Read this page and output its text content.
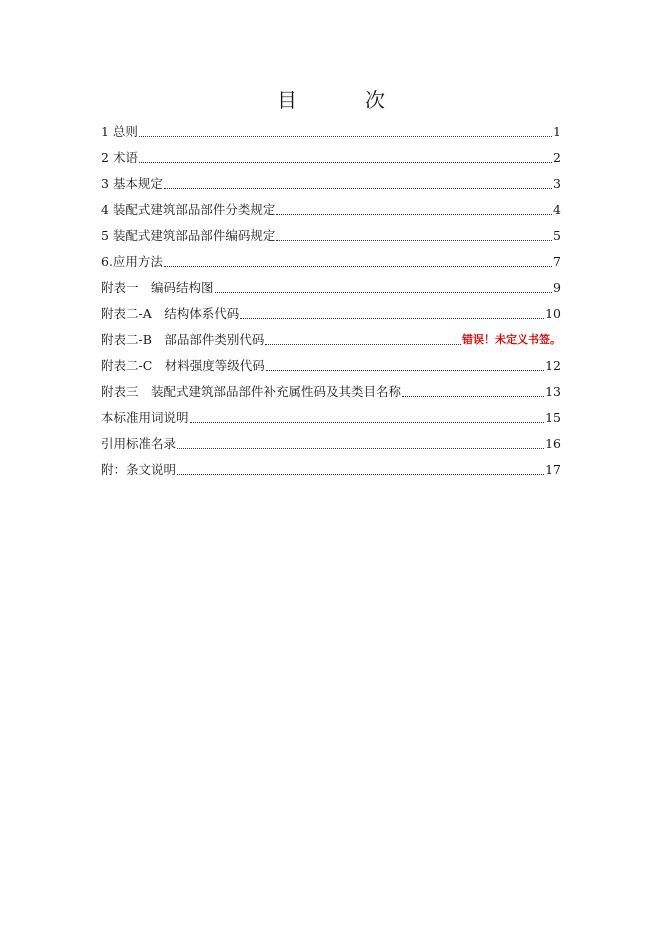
目　次
1 总则	1
2 术语	2
3 基本规定	3
4 装配式建筑部品部件分类规定	4
5 装配式建筑部品部件编码规定	5
6.应用方法	7
附表一　编码结构图	9
附表二-A　结构体系代码	10
附表二-B　部品部件类别代码	错误！未定义书签。
附表二-C　材料强度等级代码	12
附表三　装配式建筑部品部件补充属性码及其类目名称	13
本标准用词说明	15
引用标准名录	16
附：条文说明	17
